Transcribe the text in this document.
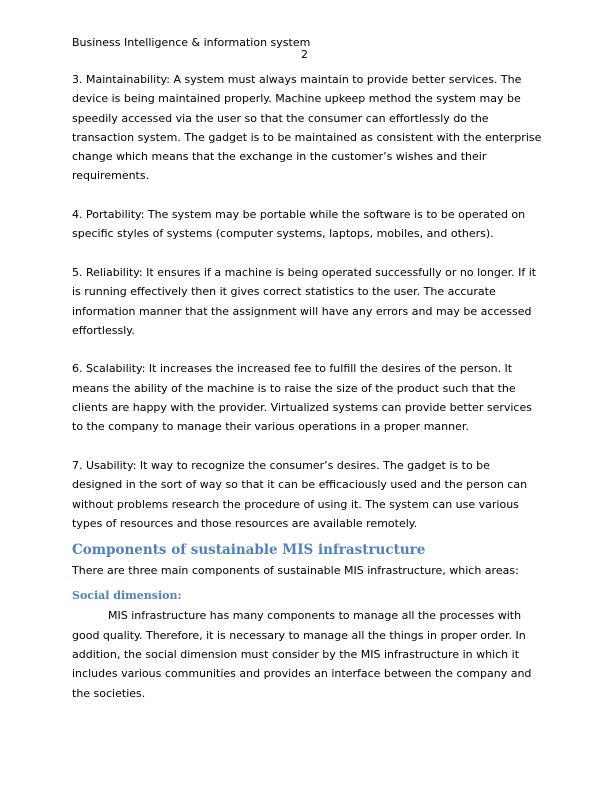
Business Intelligence & information system
2

3. Maintainability: A system must always maintain to provide better services. The device is being maintained properly. Machine upkeep method the system may be speedily accessed via the user so that the consumer can effortlessly do the transaction system. The gadget is to be maintained as consistent with the enterprise change which means that the exchange in the customer’s wishes and their requirements.

4. Portability: The system may be portable while the software is to be operated on specific styles of systems (computer systems, laptops, mobiles, and others).

5. Reliability: It ensures if a machine is being operated successfully or no longer. If it is running effectively then it gives correct statistics to the user. The accurate information manner that the assignment will have any errors and may be accessed effortlessly.

6. Scalability: It increases the increased fee to fulfill the desires of the person. It means the ability of the machine is to raise the size of the product such that the clients are happy with the provider. Virtualized systems can provide better services to the company to manage their various operations in a proper manner.

7. Usability: It way to recognize the consumer’s desires. The gadget is to be designed in the sort of way so that it can be efficaciously used and the person can without problems research the procedure of using it. The system can use various types of resources and those resources are available remotely.

Components of sustainable MIS infrastructure

There are three main components of sustainable MIS infrastructure, which areas:

Social dimension:

MIS infrastructure has many components to manage all the processes with good quality. Therefore, it is necessary to manage all the things in proper order. In addition, the social dimension must consider by the MIS infrastructure in which it includes various communities and provides an interface between the company and the societies.
